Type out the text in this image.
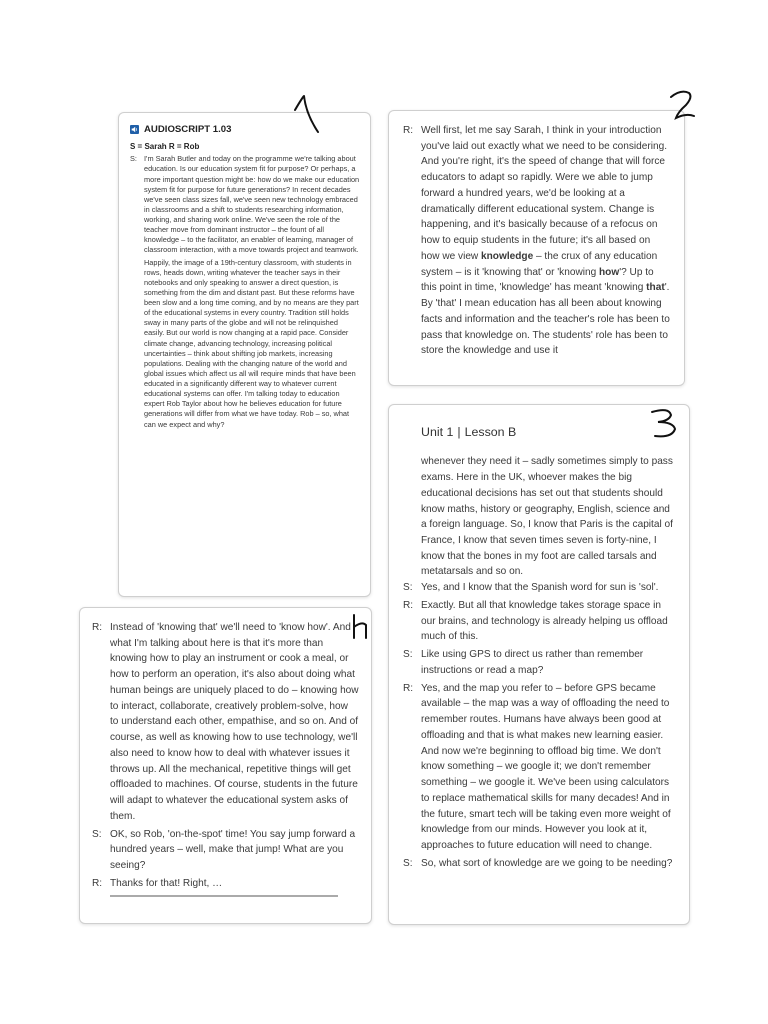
AUDIOSCRIPT 1.03
S = Sarah R = Rob
S: I'm Sarah Butler and today on the programme we're talking about education. Is our education system fit for purpose? Or perhaps, a more important question might be: how do we make our education system fit for purpose for future generations? In recent decades we've seen class sizes fall, we've seen new technology embraced in classrooms and a shift to students researching information, working, and sharing work online. We've seen the role of the teacher move from dominant instructor – the fount of all knowledge – to the facilitator, an enabler of learning, manager of classroom interaction, with a move towards project and teamwork.
Happily, the image of a 19th-century classroom, with students in rows, heads down, writing whatever the teacher says in their notebooks and only speaking to answer a direct question, is something from the dim and distant past. But these reforms have been slow and a long time coming, and by no means are they part of the educational systems in every country. Tradition still holds sway in many parts of the globe and will not be relinquished easily. But our world is now changing at a rapid pace. Consider climate change, advancing technology, increasing political uncertainties – think about shifting job markets, increasing populations. Dealing with the changing nature of the world and global issues which affect us all will require minds that have been educated in a significantly different way to whatever current educational systems can offer. I'm talking today to education expert Rob Taylor about how he believes education for future generations will differ from what we have today. Rob – so, what can we expect and why?
R: Well first, let me say Sarah, I think in your introduction you've laid out exactly what we need to be considering. And you're right, it's the speed of change that will force educators to adapt so rapidly. Were we able to jump forward a hundred years, we'd be looking at a dramatically different educational system. Change is happening, and it's basically because of a refocus on how to equip students in the future; it's all based on how we view knowledge – the crux of any education system – is it 'knowing that' or 'knowing how'? Up to this point in time, 'knowledge' has meant 'knowing that'. By 'that' I mean education has all been about knowing facts and information and the teacher's role has been to pass that knowledge on. The students' role has been to store the knowledge and use it
Unit 1 | Lesson B
whenever they need it – sadly sometimes simply to pass exams. Here in the UK, whoever makes the big educational decisions has set out that students should know maths, history or geography, English, science and a foreign language. So, I know that Paris is the capital of France, I know that seven times seven is forty-nine, I know that the bones in my foot are called tarsals and metatarsals and so on.
S: Yes, and I know that the Spanish word for sun is 'sol'.
R: Exactly. But all that knowledge takes storage space in our brains, and technology is already helping us offload much of this.
S: Like using GPS to direct us rather than remember instructions or read a map?
R: Yes, and the map you refer to – before GPS became available – the map was a way of offloading the need to remember routes. Humans have always been good at offloading and that is what makes new learning easier. And now we're beginning to offload big time. We don't know something – we google it; we don't remember something – we google it. We've been using calculators to replace mathematical skills for many decades! And in the future, smart tech will be taking even more weight of knowledge from our minds. However you look at it, approaches to future education will need to change.
S: So, what sort of knowledge are we going to be needing?
R: Instead of 'knowing that' we'll need to 'know how'. And what I'm talking about here is that it's more than knowing how to play an instrument or cook a meal, or how to perform an operation, it's also about doing what human beings are uniquely placed to do – knowing how to interact, collaborate, creatively problem-solve, how to understand each other, empathise, and so on. And of course, as well as knowing how to use technology, we'll also need to know how to deal with whatever issues it throws up. All the mechanical, repetitive things will get offloaded to machines. Of course, students in the future will adapt to whatever the educational system asks of them.
S: OK, so Rob, 'on-the-spot' time! You say jump forward a hundred years – well, make that jump! What are you seeing?
R: Thanks for that! Right, …
